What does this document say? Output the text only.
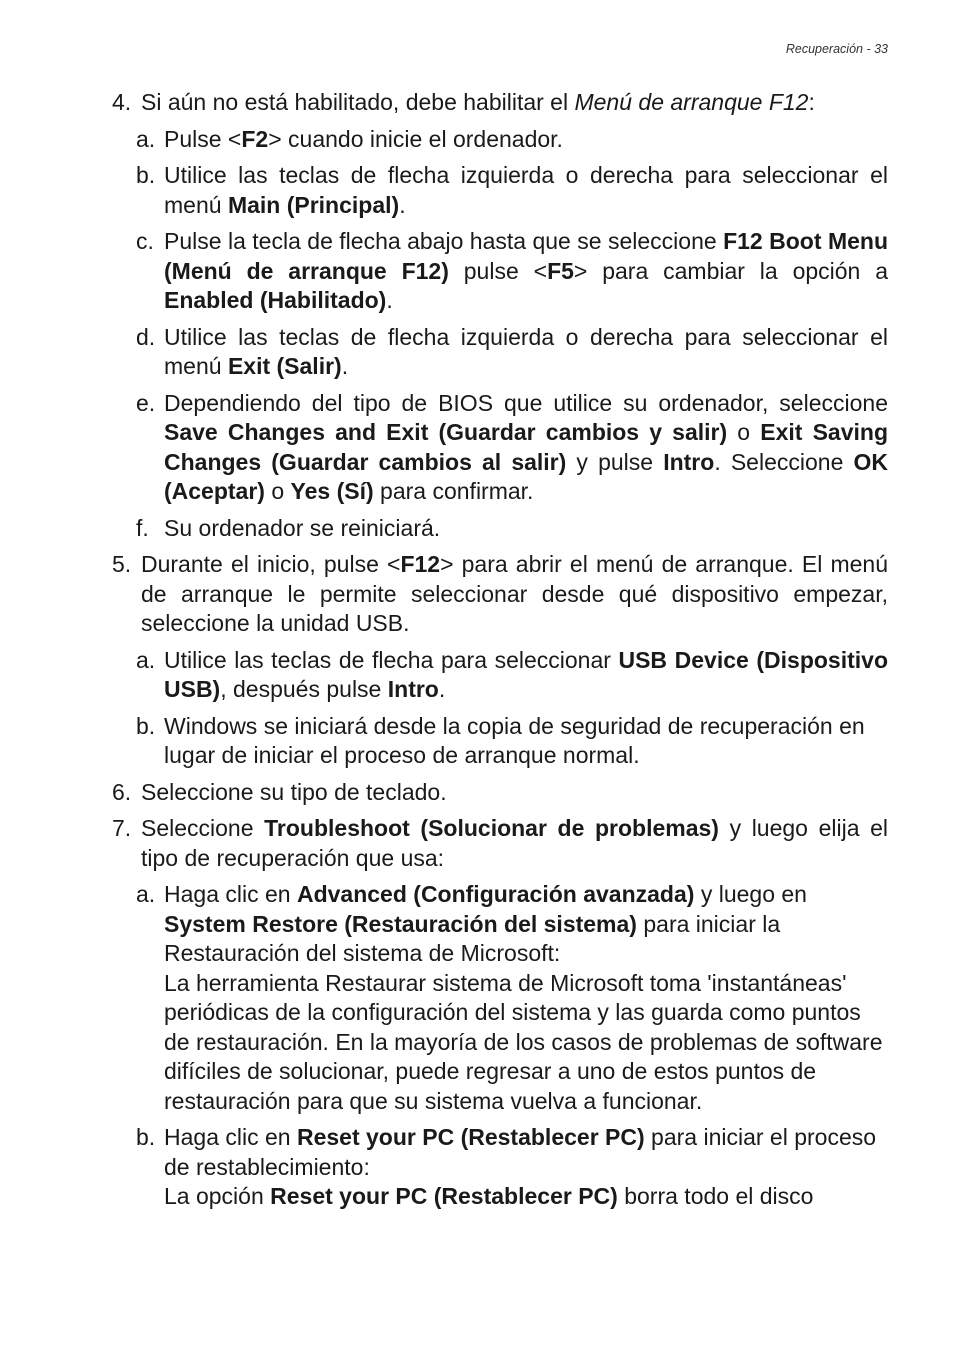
Recuperación - 33
4. Si aún no está habilitado, debe habilitar el Menú de arranque F12:
a. Pulse <F2> cuando inicie el ordenador.
b. Utilice las teclas de flecha izquierda o derecha para seleccionar el menú Main (Principal).
c. Pulse la tecla de flecha abajo hasta que se seleccione F12 Boot Menu (Menú de arranque F12) pulse <F5> para cambiar la opción a Enabled (Habilitado).
d. Utilice las teclas de flecha izquierda o derecha para seleccionar el menú Exit (Salir).
e. Dependiendo del tipo de BIOS que utilice su ordenador, seleccione Save Changes and Exit (Guardar cambios y salir) o Exit Saving Changes (Guardar cambios al salir) y pulse Intro. Seleccione OK (Aceptar) o Yes (Sí) para confirmar.
f. Su ordenador se reiniciará.
5. Durante el inicio, pulse <F12> para abrir el menú de arranque. El menú de arranque le permite seleccionar desde qué dispositivo empezar, seleccione la unidad USB.
a. Utilice las teclas de flecha para seleccionar USB Device (Dispositivo USB), después pulse Intro.
b. Windows se iniciará desde la copia de seguridad de recuperación en lugar de iniciar el proceso de arranque normal.
6. Seleccione su tipo de teclado.
7. Seleccione Troubleshoot (Solucionar de problemas) y luego elija el tipo de recuperación que usa:
a. Haga clic en Advanced (Configuración avanzada) y luego en System Restore (Restauración del sistema) para iniciar la Restauración del sistema de Microsoft:
La herramienta Restaurar sistema de Microsoft toma 'instantáneas' periódicas de la configuración del sistema y las guarda como puntos de restauración. En la mayoría de los casos de problemas de software difíciles de solucionar, puede regresar a uno de estos puntos de restauración para que su sistema vuelva a funcionar.
b. Haga clic en Reset your PC (Restablecer PC) para iniciar el proceso de restablecimiento:
La opción Reset your PC (Restablecer PC) borra todo el disco
